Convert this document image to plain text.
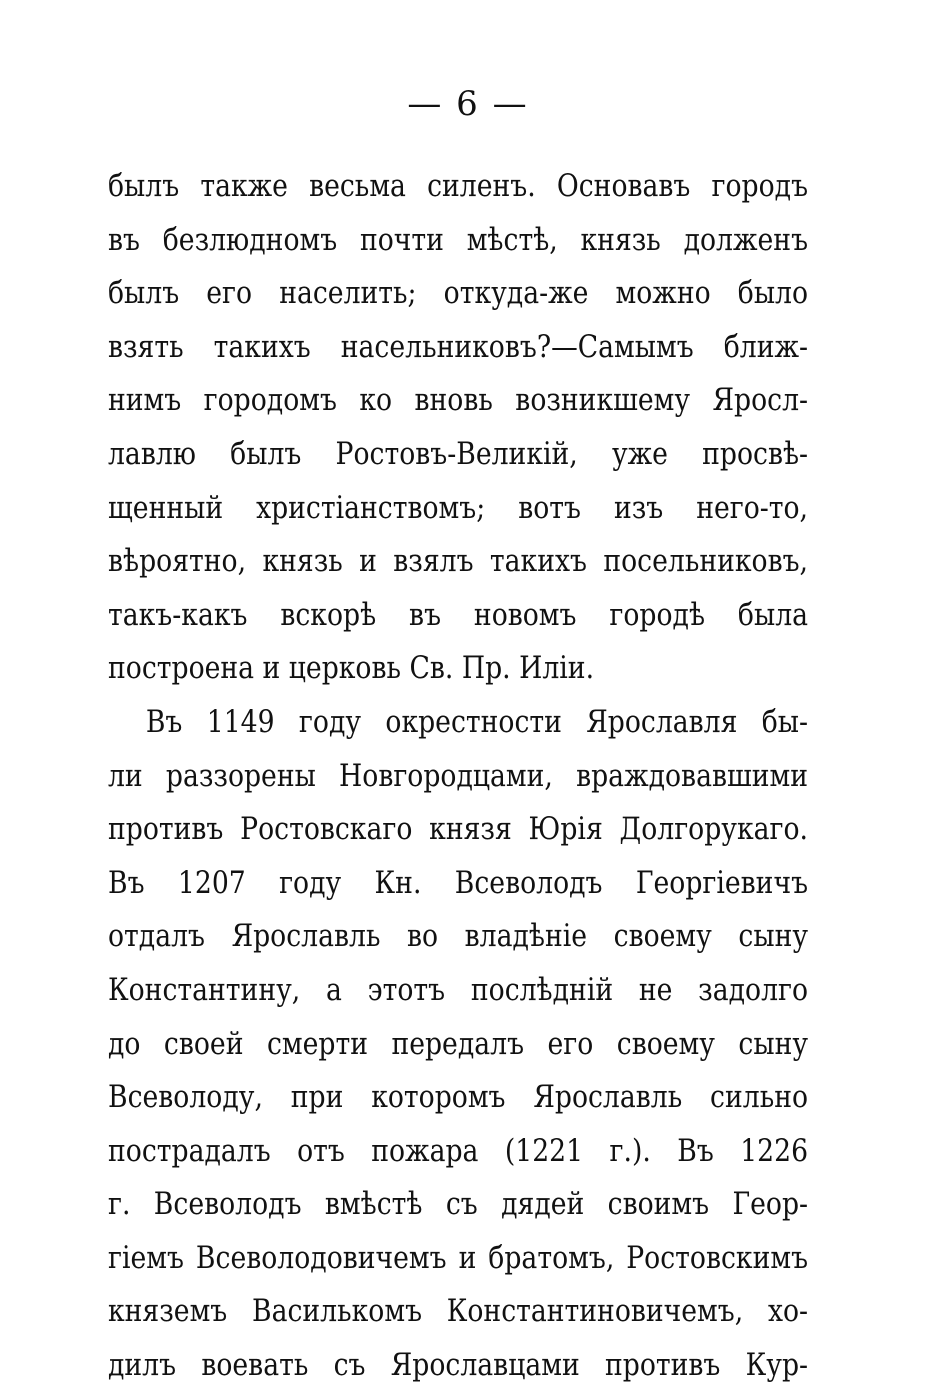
— 6 —
былъ также весьма силенъ. Основавъ городъ
въ безлюдномъ почти мѣстѣ, князь долженъ
былъ его населить; откуда-же можно было
взять такихъ насельниковъ?—Самымъ ближ-
нимъ городомъ ко вновь возникшему Яросл-
лавлю былъ Ростовъ-Великій, уже просвѣ-
щенный христіанствомъ; вотъ изъ него-то,
вѣроятно, князь и взялъ такихъ посельниковъ,
такъ-какъ вскорѣ въ новомъ городѣ была
построена и церковь Св. Пр. Иліи.
Въ 1149 году окрестности Ярославля бы-
ли раззорены Новгородцами, враждовавшими
противъ Ростовскаго князя Юрія Долгорукаго.
Въ 1207 году Кн. Всеволодъ Георгіевичъ
отдалъ Ярославль во владѣніе своему сыну
Константину, а этотъ послѣдній не задолго
до своей смерти передалъ его своему сыну
Всеволоду, при которомъ Ярославль сильно
пострадалъ отъ пожара (1221 г.). Въ 1226
г. Всеволодъ вмѣстѣ съ дядей своимъ Геор-
гіемъ Всеволодовичемъ и братомъ, Ростовскимъ
княземъ Василькомъ Константиновичемъ, хо-
дилъ воевать съ Ярославцами противъ Кур-
